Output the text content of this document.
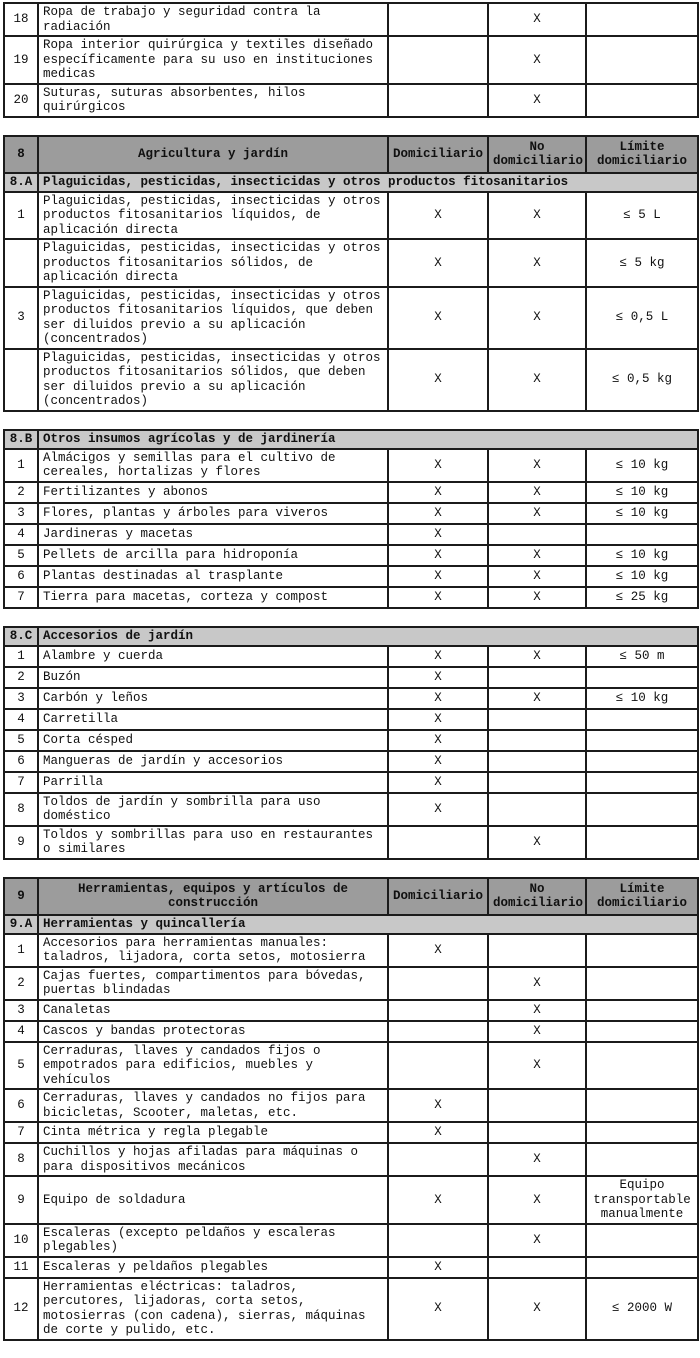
18	Ropa de trabajo y seguridad contra la radiación		X	
19	Ropa interior quirúrgica y textiles diseñado específicamente para su uso en instituciones medicas		X	
20	Suturas, suturas absorbentes, hilos quirúrgicos		X	
8	Agricultura y jardín	Domiciliario	No domiciliario	Límite domiciliario
8.A	Plaguicidas, pesticidas, insecticidas y otros productos fitosanitarios			
1	Plaguicidas, pesticidas, insecticidas y otros productos fitosanitarios líquidos, de aplicación directa	X	X	≤ 5 L
	Plaguicidas, pesticidas, insecticidas y otros productos fitosanitarios sólidos, de aplicación directa	X	X	≤ 5 kg
3	Plaguicidas, pesticidas, insecticidas y otros productos fitosanitarios líquidos, que deben ser diluidos previo a su aplicación (concentrados)	X	X	≤ 0,5 L
	Plaguicidas, pesticidas, insecticidas y otros productos fitosanitarios sólidos, que deben ser diluidos previo a su aplicación (concentrados)	X	X	≤ 0,5 kg
8.B	Otros insumos agrícolas y de jardinería			
1	Almácigos y semillas para el cultivo de cereales, hortalizas y flores	X	X	≤ 10 kg
2	Fertilizantes y abonos	X	X	≤ 10 kg
3	Flores, plantas y árboles para viveros	X	X	≤ 10 kg
4	Jardineras y macetas	X		
5	Pellets de arcilla para hidroponía	X	X	≤ 10 kg
6	Plantas destinadas al trasplante	X	X	≤ 10 kg
7	Tierra para macetas, corteza y compost	X	X	≤ 25 kg
8.C	Accesorios de jardín			
1	Alambre y cuerda	X	X	≤ 50 m
2	Buzón	X		
3	Carbón y leños	X	X	≤ 10 kg
4	Carretilla	X		
5	Corta césped	X		
6	Mangueras de jardín y accesorios	X		
7	Parrilla	X		
8	Toldos de jardín y sombrilla para uso doméstico	X		
9	Toldos y sombrillas para uso en restaurantes o similares		X	
9	Herramientas, equipos y artículos de construcción	Domiciliario	No domiciliario	Límite domiciliario
9.A	Herramientas y quincallería			
1	Accesorios para herramientas manuales: taladros, lijadora, corta setos, motosierra	X		
2	Cajas fuertes, compartimentos para bóvedas, puertas blindadas		X	
3	Canaletas		X	
4	Cascos y bandas protectoras		X	
5	Cerraduras, llaves y candados fijos o empotrados para edificios, muebles y vehículos		X	
6	Cerraduras, llaves y candados no fijos para bicicletas, Scooter, maletas, etc.	X		
7	Cinta métrica y regla plegable	X		
8	Cuchillos y hojas afiladas para máquinas o para dispositivos mecánicos		X	
9	Equipo de soldadura	X	X	Equipo transportable manualmente
10	Escaleras (excepto peldaños y escaleras plegables)		X	
11	Escaleras y peldaños plegables	X		
12	Herramientas eléctricas: taladros, percutores, lijadoras, corta setos, motosierras (con cadena), sierras, máquinas de corte y pulido, etc.	X	X	≤ 2000 W
